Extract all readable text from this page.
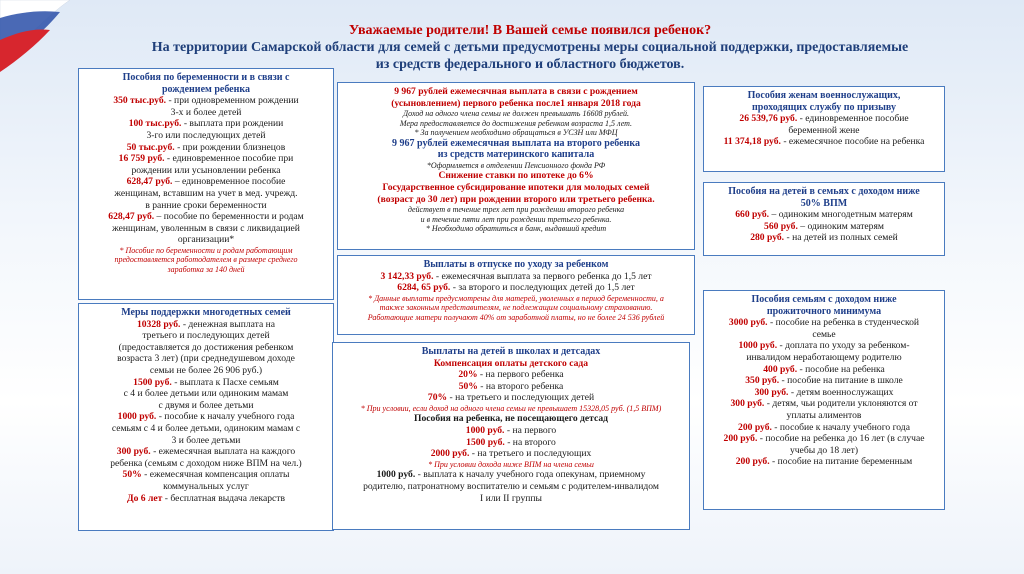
Уважаемые родители! В Вашей семье появился ребенок?
На территории Самарской области для семей с детьми предусмотрены меры социальной поддержки, предоставляемые
из средств федерального и областного бюджетов.
Пособия по беременности и в связи с
рождением ребенка
350 тыс.руб. - при одновременном рождении
3-х и более детей
100 тыс.руб. - выплата при рождении
3-го или последующих детей
50 тыс.руб. - при рождении близнецов
16 759 руб. - единовременное пособие при
рождении или усыновлении ребенка
628,47 руб. – единовременное пособие
женщинам, вставшим на учет в мед. учрежд.
в ранние сроки беременности
628,47 руб. – пособие по беременности и родам
женщинам, уволенным в связи с ликвидацией
организации*
* Пособие по беременности и родам работающим
предоставляется работодателем в размере среднего
заработка за 140 дней
Меры поддержки многодетных семей
10328 руб. - денежная выплата на
третьего и последующих детей
(предоставляется до достижения ребенком
возраста 3 лет) (при среднедушевом доходе
семьи не более 26 906 руб.)
1500 руб. - выплата к Пасхе семьям
с 4 и более детьми или одиноким мамам
с двумя и более детьми
1000 руб. - пособие к началу учебного года
семьям с 4 и более детьми, одиноким мамам с
3 и более детьми
300 руб. - ежемесячная выплата на каждого
ребенка (семьям с доходом ниже ВПМ на чел.)
50% - ежемесячная компенсация оплаты
коммунальных услуг
До 6 лет - бесплатная выдача лекарств
9 967 рублей ежемесячная выплата в связи с рождением
(усыновлением) первого ребенка после1 января 2018 года
Доход на одного члена семьи не должен превышать 16608 рублей.
Мера предоставляется до достижения ребенком возраста 1,5 лет.
* За получением необходимо обращаться в УСЗН или МФЦ
9 967 рублей ежемесячная выплата на второго ребенка
из средств материнского капитала
*Оформляется в отделении Пенсионного фонда РФ
Снижение ставки по ипотеке до 6%
Государственное субсидирование ипотеки для молодых семей
(возраст до 30 лет) при рождении второго или третьего ребенка.
действует в течение трех лет при рождении второго ребенка
и в течение пяти лет при рождении третьего ребенка.
* Необходимо обратиться в банк, выдавший кредит
Выплаты в отпуске по уходу за ребенком
3 142,33 руб. - ежемесячная выплата за первого ребенка до 1,5 лет
6284, 65 руб. - за второго и последующих детей до 1,5 лет
* Данные выплаты предусмотрены для матерей, уволенных в период беременности, а
также законным представителям, не подлежащим социальному страхованию.
Работающие матери получают 40% от заработной платы, но не более 24 536 рублей
Выплаты на детей в школах и детсадах
Компенсация оплаты детского сада
20% - на первого ребенка
50% - на второго ребенка
70% - на третьего и последующих детей
* При условии, если доход на одного члена семьи не превышает 15328,05 руб. (1,5 ВПМ)
Пособия на ребенка, не посещающего детсад
1000 руб. - на первого
1500 руб. - на второго
2000 руб. - на третьего и последующих
* При условии дохода ниже ВПМ на члена семьи
1000 руб. - выплата к началу учебного года опекунам, приемному
родителю, патронатному воспитателю и семьям с родителем-инвалидом
I или II группы
Пособия женам военнослужащих,
проходящих службу по призыву
26 539,76 руб. - единовременное пособие
беременной жене
11 374,18 руб. - ежемесячное пособие на ребенка
Пособия на детей в семьях с доходом ниже
50% ВПМ
660 руб. – одиноким многодетным матерям
560 руб. – одиноким матерям
280 руб. - на детей из полных семей
Пособия семьям с доходом ниже
прожиточного минимума
3000 руб. - пособие на ребенка в студенческой
семье
1000 руб. - доплата по уходу за ребенком-
инвалидом неработающему родителю
400 руб. - пособие на ребенка
350 руб. - пособие на питание в школе
300 руб. - детям военнослужащих
300 руб. - детям, чьи родители уклоняются от
уплаты алиментов
200 руб. - пособие к началу учебного года
200 руб. - пособие на ребенка до 16 лет (в случае
учебы до 18 лет)
200 руб. - пособие на питание беременным
